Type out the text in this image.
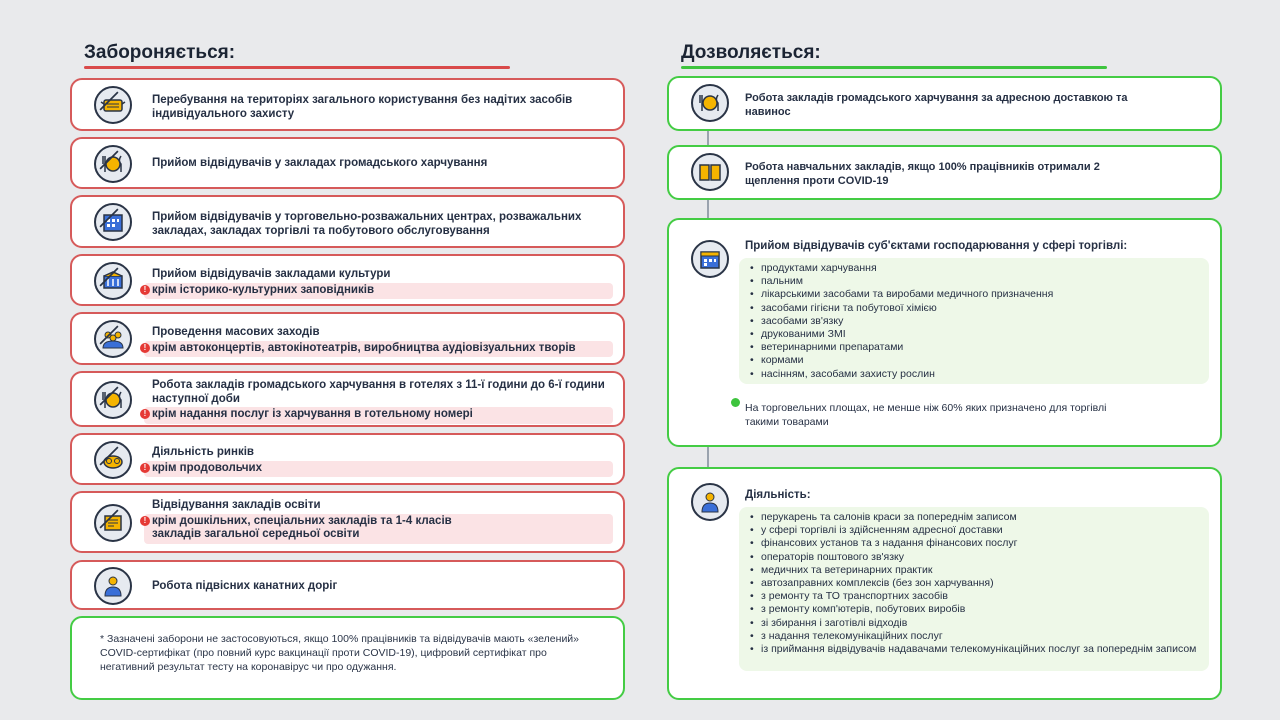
Забороняється:
Перебування на територіях загального користування без надітих засобів індивідуального захисту
Прийом відвідувачів у закладах громадського харчування
Прийом відвідувачів у торговельно-розважальних центрах, розважальних закладах, закладах торгівлі та побутового обслуговування
Прийом відвідувачів закладами культури
! крім історико-культурних заповідників
Проведення масових заходів
! крім автоконцертів, автокінотеатрів, виробництва аудіовізуальних творів
Робота закладів громадського харчування в готелях з 11-ї години до 6-ї години наступної доби
! крім надання послуг із харчування в готельному номері
Діяльність ринків
! крім продовольчих
Відвідування закладів освіти
! крім дошкільних, спеціальних закладів та 1-4 класів
закладів загальної середньої освіти
Робота підвісних канатних доріг
* Зазначені заборони не застосовуються, якщо 100% працівників та відвідувачів мають «зелений» COVID-сертифікат (про повний курс вакцинації проти COVID-19), цифровий сертифікат про негативний результат тесту на коронавірус чи про одужання.
Дозволяється:
Робота закладів громадського харчування за адресною доставкою та навинос
Робота навчальних закладів, якщо 100% працівників отримали 2 щеплення проти COVID-19
Прийом відвідувачів суб'єктами господарювання у сфері торгівлі:
• продуктами харчування
• пальним
• лікарськими засобами та виробами медичного призначення
• засобами гігієни та побутової хімією
• засобами зв'язку
• друкованими ЗМІ
• ветеринарними препаратами
• кормами
• насінням, засобами захисту рослин
На торговельних площах, не менше ніж 60% яких призначено для торгівлі такими товарами
Діяльність:
• перукарень та салонів краси за попереднім записом
• у сфері торгівлі із здійсненням адресної доставки
• фінансових установ та з надання фінансових послуг
• операторів поштового зв'язку
• медичних та ветеринарних практик
• автозаправних комплексів (без зон харчування)
• з ремонту та ТО транспортних засобів
• з ремонту комп'ютерів, побутових виробів
• зі збирання і заготівлі відходів
• з надання телекомунікаційних послуг
• із приймання відвідувачів надавачами телекомунікаційних послуг за попереднім записом
